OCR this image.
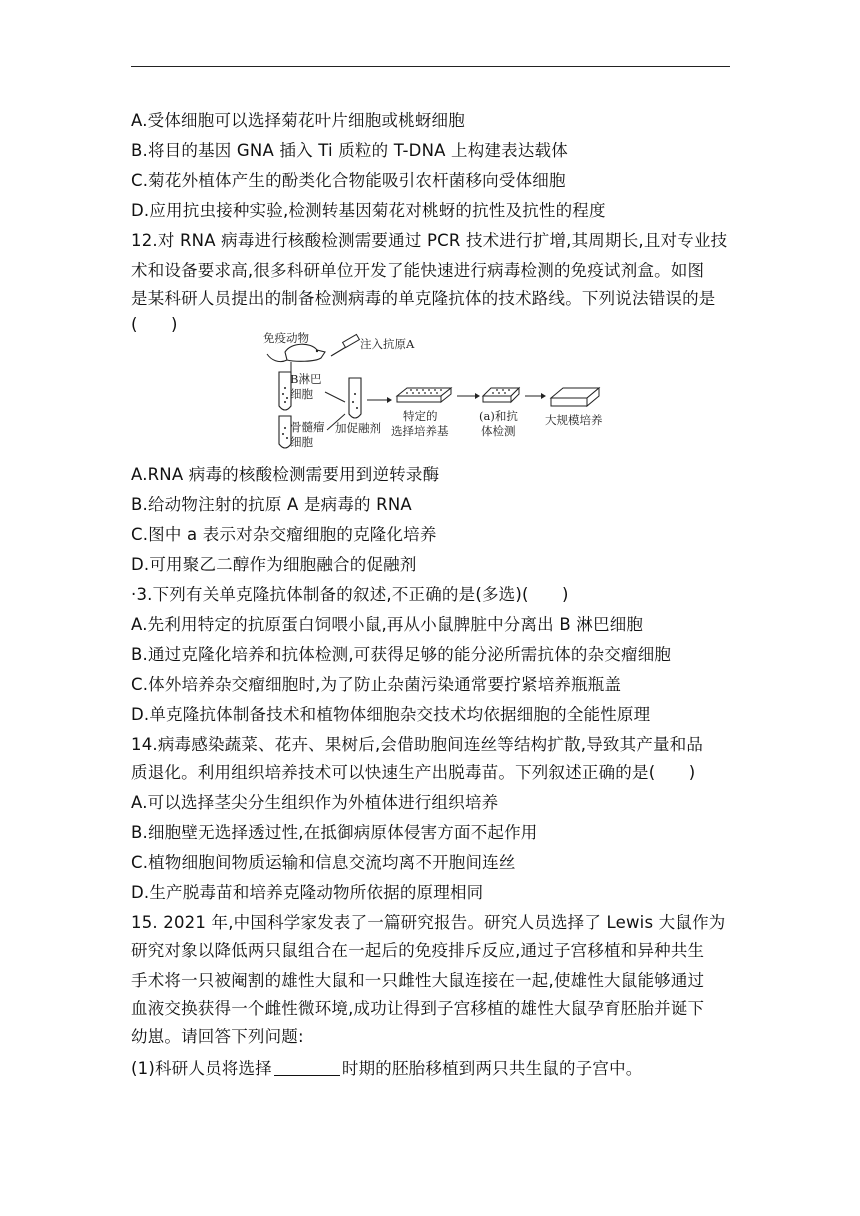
A.受体细胞可以选择菊花叶片细胞或桃蚜细胞
B.将目的基因 GNA 插入 Ti 质粒的 T-DNA 上构建表达载体
C.菊花外植体产生的酚类化合物能吸引农杆菌移向受体细胞
D.应用抗虫接种实验,检测转基因菊花对桃蚜的抗性及抗性的程度
12.对 RNA 病毒进行核酸检测需要通过 PCR 技术进行扩增,其周期长,且对专业技
术和设备要求高,很多科研单位开发了能快速进行病毒检测的免疫试剂盒。如图
是某科研人员提出的制备检测病毒的单克隆抗体的技术路线。下列说法错误的是
(　　)
免疫动物	注入抗原A
B淋巴
细胞
骨髓瘤
细胞
加促融剂
特定的
选择培养基
(a)和抗
体检测
大规模培养
A.RNA 病毒的核酸检测需要用到逆转录酶
B.给动物注射的抗原 A 是病毒的 RNA
C.图中 a 表示对杂交瘤细胞的克隆化培养
D.可用聚乙二醇作为细胞融合的促融剂
·3.下列有关单克隆抗体制备的叙述,不正确的是(多选)(　　)
A.先利用特定的抗原蛋白饲喂小鼠,再从小鼠脾脏中分离出 B 淋巴细胞
B.通过克隆化培养和抗体检测,可获得足够的能分泌所需抗体的杂交瘤细胞
C.体外培养杂交瘤细胞时,为了防止杂菌污染通常要拧紧培养瓶瓶盖
D.单克隆抗体制备技术和植物体细胞杂交技术均依据细胞的全能性原理
14.病毒感染蔬菜、花卉、果树后,会借助胞间连丝等结构扩散,导致其产量和品
质退化。利用组织培养技术可以快速生产出脱毒苗。下列叙述正确的是(　　)
A.可以选择茎尖分生组织作为外植体进行组织培养
B.细胞壁无选择透过性,在抵御病原体侵害方面不起作用
C.植物细胞间物质运输和信息交流均离不开胞间连丝
D.生产脱毒苗和培养克隆动物所依据的原理相同
15. 2021 年,中国科学家发表了一篇研究报告。研究人员选择了 Lewis 大鼠作为
研究对象以降低两只鼠组合在一起后的免疫排斥反应,通过子宫移植和异种共生
手术将一只被阉割的雄性大鼠和一只雌性大鼠连接在一起,使雄性大鼠能够通过
血液交换获得一个雌性微环境,成功让得到子宫移植的雄性大鼠孕育胚胎并诞下
幼崽。请回答下列问题:
(1)科研人员将选择	时期的胚胎移植到两只共生鼠的子宫中。
